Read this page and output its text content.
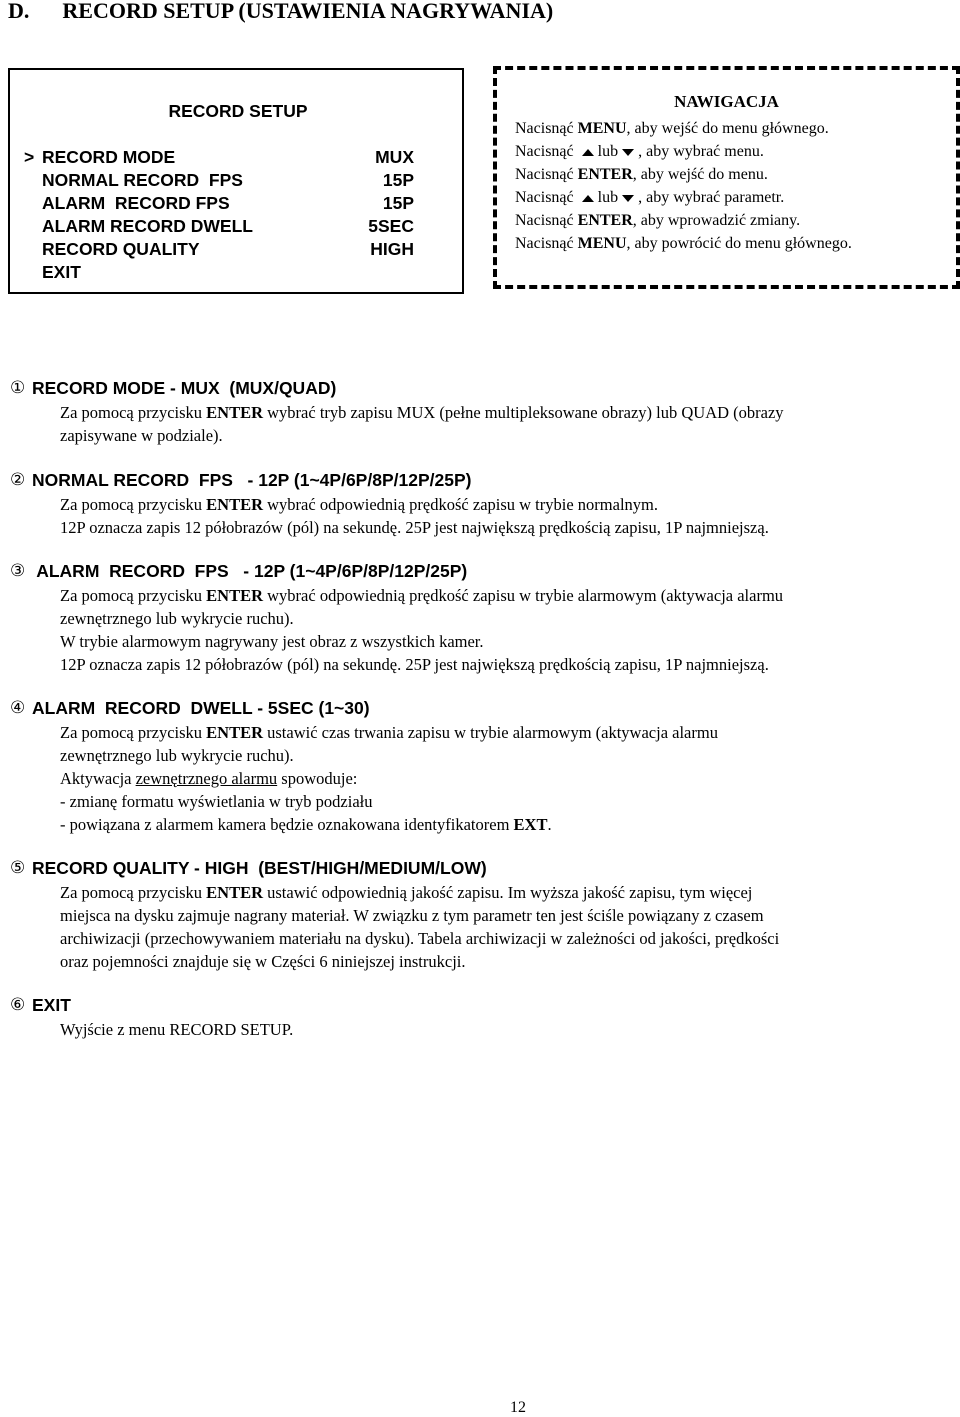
D.      RECORD SETUP (USTAWIENIA NAGRYWANIA)
RECORD SETUP
> RECORD MODE	MUX
NORMAL RECORD  FPS	15P
ALARM  RECORD FPS	15P
ALARM RECORD DWELL	5SEC
RECORD QUALITY	HIGH
EXIT
NAWIGACJA
Nacisnąć MENU, aby wejść do menu głównego.
Nacisnąć lub , aby wybrać menu.
Nacisnąć ENTER, aby wejść do menu.
Nacisnąć lub , aby wybrać parametr.
Nacisnąć ENTER, aby wprowadzić zmiany.
Nacisnąć MENU, aby powrócić do menu głównego.
① RECORD MODE - MUX  (MUX/QUAD)
Za pomocą przycisku ENTER wybrać tryb zapisu MUX (pełne multipleksowane obrazy) lub QUAD (obrazy
zapisywane w podziale).
② NORMAL RECORD  FPS   - 12P (1~4P/6P/8P/12P/25P)
Za pomocą przycisku ENTER wybrać odpowiednią prędkość zapisu w trybie normalnym.
12P oznacza zapis 12 półobrazów (pól) na sekundę. 25P jest największą prędkością zapisu, 1P najmniejszą.
③ ALARM  RECORD  FPS   - 12P (1~4P/6P/8P/12P/25P)
Za pomocą przycisku ENTER wybrać odpowiednią prędkość zapisu w trybie alarmowym (aktywacja alarmu
zewnętrznego lub wykrycie ruchu).
W trybie alarmowym nagrywany jest obraz z wszystkich kamer.
12P oznacza zapis 12 półobrazów (pól) na sekundę. 25P jest największą prędkością zapisu, 1P najmniejszą.
④ ALARM  RECORD  DWELL - 5SEC (1~30)
Za pomocą przycisku ENTER ustawić czas trwania zapisu w trybie alarmowym (aktywacja alarmu
zewnętrznego lub wykrycie ruchu).
Aktywacja zewnętrznego alarmu spowoduje:
- zmianę formatu wyświetlania w tryb podziału
- powiązana z alarmem kamera będzie oznakowana identyfikatorem EXT.
⑤ RECORD QUALITY - HIGH  (BEST/HIGH/MEDIUM/LOW)
Za pomocą przycisku ENTER ustawić odpowiednią jakość zapisu. Im wyższa jakość zapisu, tym więcej
miejsca na dysku zajmuje nagrany materiał. W związku z tym parametr ten jest ściśle powiązany z czasem
archiwizacji (przechowywaniem materiału na dysku). Tabela archiwizacji w zależności od jakości, prędkości
oraz pojemności znajduje się w Części 6 niniejszej instrukcji.
⑥ EXIT
Wyjście z menu RECORD SETUP.
12
